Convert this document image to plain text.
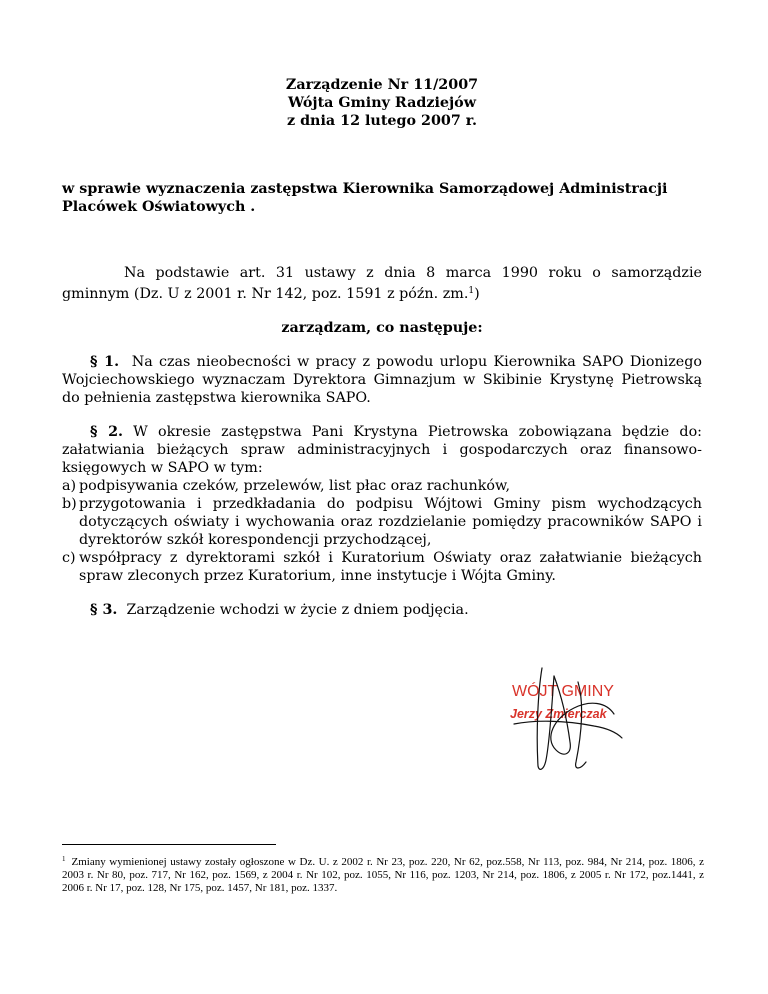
Zarządzenie Nr 11/2007
Wójta Gminy Radziejów
z dnia 12 lutego 2007 r.
w sprawie wyznaczenia zastępstwa Kierownika Samorządowej Administracji Placówek Oświatowych .
Na podstawie art. 31 ustawy z dnia 8 marca 1990 roku o samorządzie gminnym (Dz. U z 2001 r. Nr 142, poz. 1591 z późn. zm.$^1$)
zarządzam, co następuje:
§ 1. Na czas nieobecności w pracy z powodu urlopu Kierownika SAPO Dionizego Wojciechowskiego wyznaczam Dyrektora Gimnazjum w Skibinie Krystynę Pietrowską do pełnienia zastępstwa kierownika SAPO.
§ 2. W okresie zastępstwa Pani Krystyna Pietrowska zobowiązana będzie do: załatwiania bieżących spraw administracyjnych i gospodarczych oraz finansowo-księgowych w SAPO w tym:
a) podpisywania czeków, przelewów, list płac oraz rachunków,
b) przygotowania i przedkładania do podpisu Wójtowi Gminy pism wychodzących dotyczących oświaty i wychowania oraz rozdzielanie pomiędzy pracowników SAPO i dyrektorów szkół korespondencji przychodzącej,
c) współpracy z dyrektorami szkół i Kuratorium Oświaty oraz załatwianie bieżących spraw zleconych przez Kuratorium, inne instytucje i Wójta Gminy.
§ 3. Zarządzenie wchodzi w życie z dniem podjęcia.
WÓJT GMINY
Jerzy Zmierczak
$^1$ Zmiany wymienionej ustawy zostały ogłoszone w Dz. U. z 2002 r. Nr 23, poz. 220, Nr 62, poz.558, Nr 113, poz. 984, Nr 214, poz. 1806, z 2003 r. Nr 80, poz. 717, Nr 162, poz. 1569, z 2004 r. Nr 102, poz. 1055, Nr 116, poz. 1203, Nr 214, poz. 1806, z 2005 r. Nr 172, poz.1441, z 2006 r. Nr 17, poz. 128, Nr 175, poz. 1457, Nr 181, poz. 1337.
